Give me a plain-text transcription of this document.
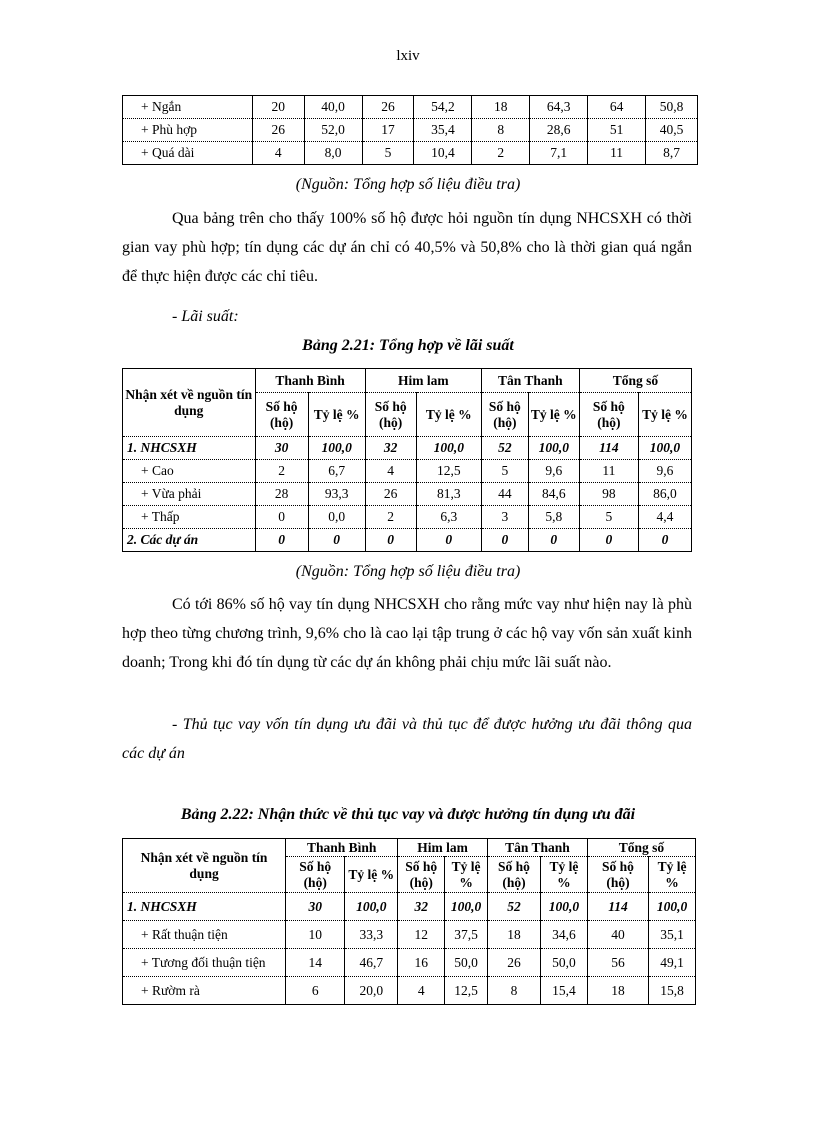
lxiv
+ Ngắn	20	40,0	26	54,2	18	64,3	64	50,8
+ Phù hợp	26	52,0	17	35,4	8	28,6	51	40,5
+ Quá dài	4	8,0	5	10,4	2	7,1	11	8,7
(Nguồn: Tổng hợp số liệu điều tra)
Qua bảng trên cho thấy 100% số hộ được hỏi nguồn tín dụng NHCSXH có thời gian vay phù hợp; tín dụng các dự án chỉ có 40,5% và 50,8% cho là thời gian quá ngắn để thực hiện được các chỉ tiêu.
- Lãi suất:
Bảng 2.21: Tổng hợp về lãi suất
Nhận xét về nguồn tín dụng	Thanh Bình		Him lam		Tân Thanh		Tổng số	
	Số hộ (hộ)	Tỷ lệ %	Số hộ (hộ)	Tỷ lệ %	Số hộ (hộ)	Tỷ lệ %	Số hộ (hộ)	Tỷ lệ %
1. NHCSXH	30	100,0	32	100,0	52	100,0	114	100,0
+ Cao	2	6,7	4	12,5	5	9,6	11	9,6
+ Vừa phải	28	93,3	26	81,3	44	84,6	98	86,0
+ Thấp	0	0,0	2	6,3	3	5,8	5	4,4
2. Các dự án	0	0	0	0	0	0	0	0
(Nguồn: Tổng hợp số liệu điều tra)
Có tới 86% số hộ vay tín dụng NHCSXH cho rằng mức vay như hiện nay là phù hợp theo từng chương trình, 9,6% cho là cao lại tập trung ở các hộ vay vốn sản xuất kinh doanh; Trong khi đó tín dụng từ các dự án không phải chịu mức lãi suất nào.
- Thủ tục vay vốn tín dụng ưu đãi và thủ tục để được hưởng ưu đãi thông qua các dự án
Bảng 2.22: Nhận thức về thủ tục vay và được hưởng tín dụng ưu đãi
Nhận xét về nguồn tín dụng	Thanh Bình		Him lam		Tân Thanh		Tổng số	
	Số hộ (hộ)	Tỷ lệ %	Số hộ (hộ)	Tỷ lệ %	Số hộ (hộ)	Tỷ lệ %	Số hộ (hộ)	Tỷ lệ %
1. NHCSXH	30	100,0	32	100,0	52	100,0	114	100,0
+ Rất thuận tiện	10	33,3	12	37,5	18	34,6	40	35,1
+ Tương đối thuận tiện	14	46,7	16	50,0	26	50,0	56	49,1
+ Rườm rà	6	20,0	4	12,5	8	15,4	18	15,8
